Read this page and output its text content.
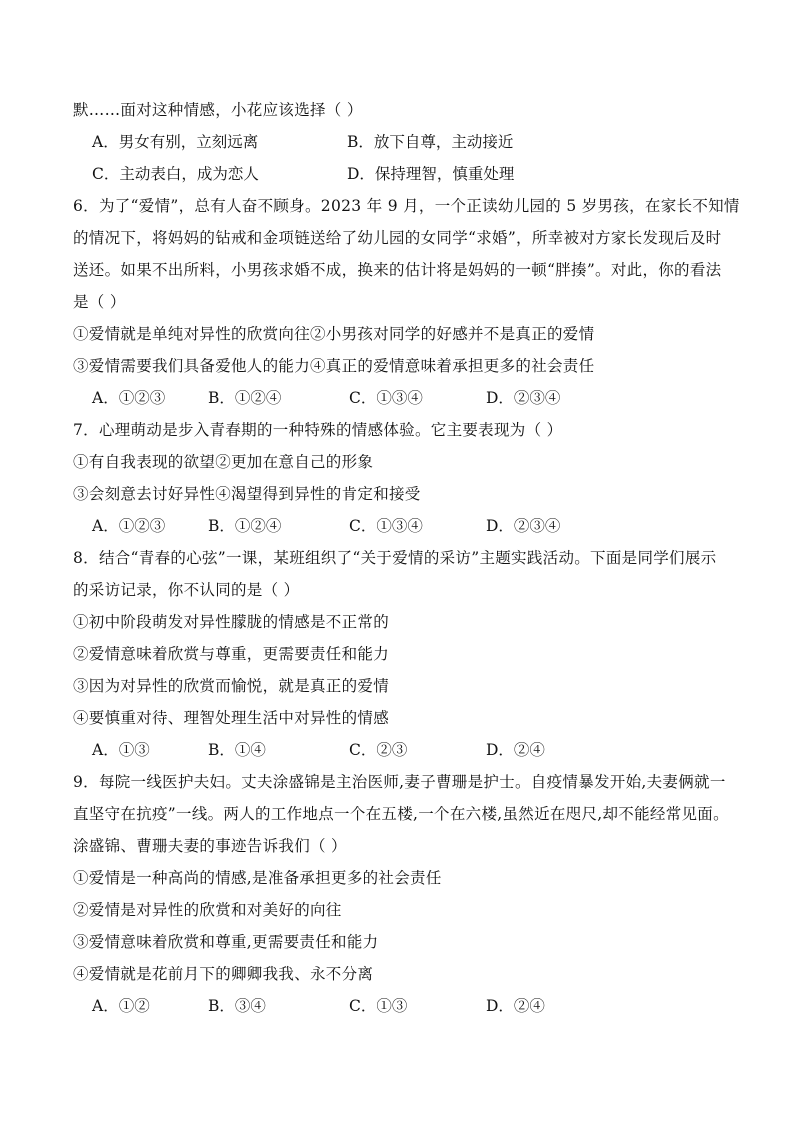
默……面对这种情感，小花应该选择（ ）
A．男女有别，立刻远离	B．放下自尊，主动接近
C．主动表白，成为恋人	D．保持理智，慎重处理
6．为了“爱情”，总有人奋不顾身。2023 年 9 月，一个正读幼儿园的 5 岁男孩，在家长不知情
的情况下，将妈妈的钻戒和金项链送给了幼儿园的女同学“求婚”，所幸被对方家长发现后及时
送还。如果不出所料，小男孩求婚不成，换来的估计将是妈妈的一顿“胖揍”。对此，你的看法
是（ ）
①爱情就是单纯对异性的欣赏向往②小男孩对同学的好感并不是真正的爱情
③爱情需要我们具备爱他人的能力④真正的爱情意味着承担更多的社会责任
A．①②③	B．①②④	C．①③④	D．②③④
7．心理萌动是步入青春期的一种特殊的情感体验。它主要表现为（ ）
①有自我表现的欲望②更加在意自己的形象
③会刻意去讨好异性④渴望得到异性的肯定和接受
A．①②③	B．①②④	C．①③④	D．②③④
8．结合“青春的心弦”一课，某班组织了“关于爱情的采访”主题实践活动。下面是同学们展示
的采访记录，你不认同的是（ ）
①初中阶段萌发对异性朦胧的情感是不正常的
②爱情意味着欣赏与尊重，更需要责任和能力
③因为对异性的欣赏而愉悦，就是真正的爱情
④要慎重对待、理智处理生活中对异性的情感
A．①③	B．①④	C．②③	D．②④
9．每院一线医护夫妇。丈夫涂盛锦是主治医师,妻子曹珊是护士。自疫情暴发开始,夫妻俩就一
直坚守在抗疫”一线。两人的工作地点一个在五楼,一个在六楼,虽然近在咫尺,却不能经常见面。
涂盛锦、曹珊夫妻的事迹告诉我们（ ）
①爱情是一种高尚的情感,是准备承担更多的社会责任
②爱情是对异性的欣赏和对美好的向往
③爱情意味着欣赏和尊重,更需要责任和能力
④爱情就是花前月下的卿卿我我、永不分离
A．①②	B．③④	C．①③	D．②④
